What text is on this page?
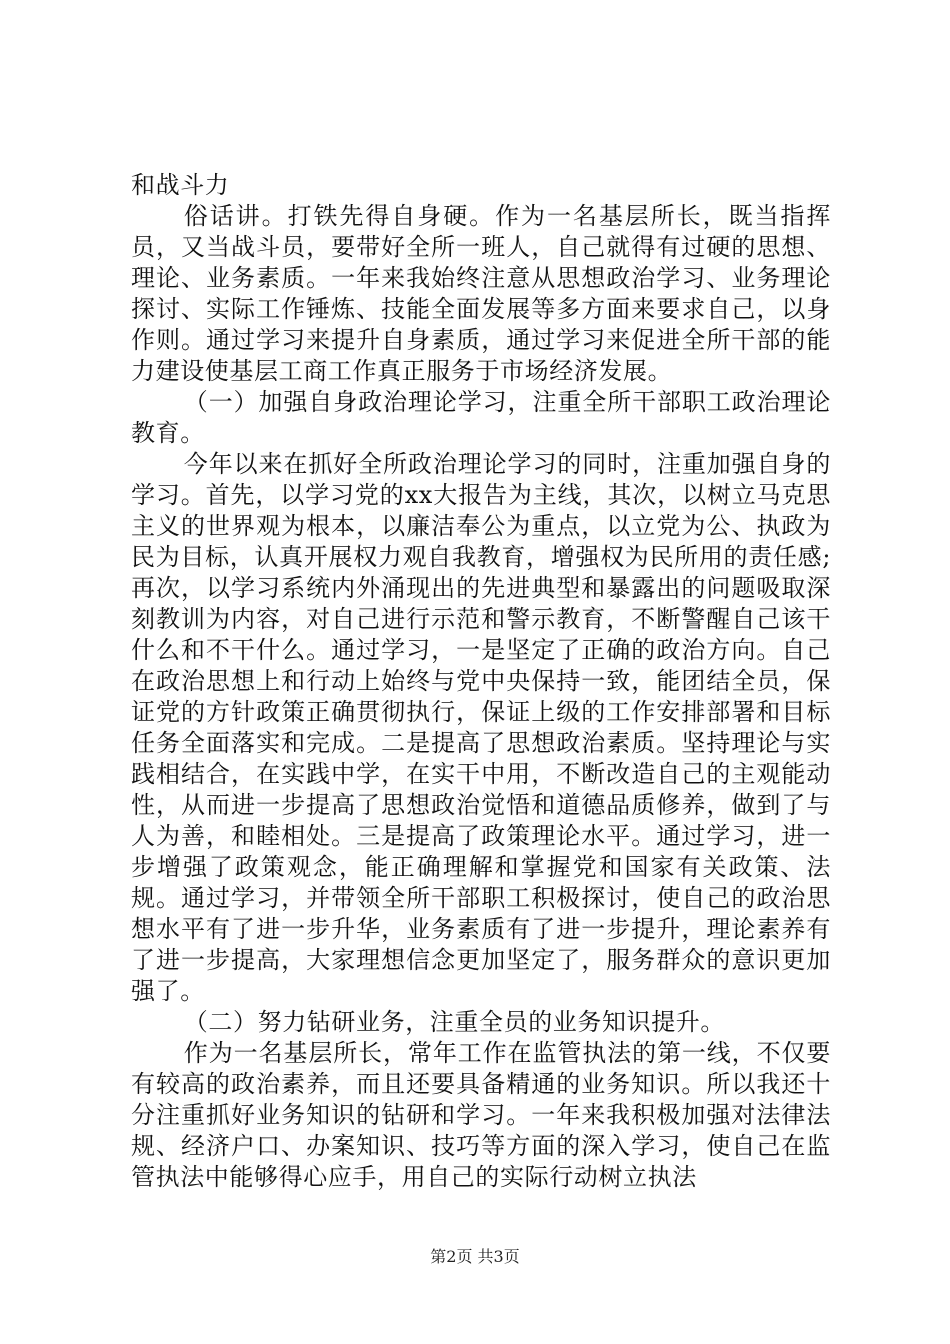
和战斗力

俗话讲。打铁先得自身硬。作为一名基层所长，既当指挥员，又当战斗员，要带好全所一班人，自己就得有过硬的思想、理论、业务素质。一年来我始终注意从思想政治学习、业务理论探讨、实际工作锤炼、技能全面发展等多方面来要求自己，以身作则。通过学习来提升自身素质，通过学习来促进全所干部的能力建设使基层工商工作真正服务于市场经济发展。

（一）加强自身政治理论学习，注重全所干部职工政治理论教育。

今年以来在抓好全所政治理论学习的同时，注重加强自身的学习。首先，以学习党的xx大报告为主线，其次，以树立马克思主义的世界观为根本，以廉洁奉公为重点，以立党为公、执政为民为目标，认真开展权力观自我教育，增强权为民所用的责任感;再次，以学习系统内外涌现出的先进典型和暴露出的问题吸取深刻教训为内容，对自己进行示范和警示教育，不断警醒自己该干什么和不干什么。通过学习，一是坚定了正确的政治方向。自己在政治思想上和行动上始终与党中央保持一致，能团结全员，保证党的方针政策正确贯彻执行，保证上级的工作安排部署和目标任务全面落实和完成。二是提高了思想政治素质。坚持理论与实践相结合，在实践中学，在实干中用，不断改造自己的主观能动性，从而进一步提高了思想政治觉悟和道德品质修养，做到了与人为善，和睦相处。三是提高了政策理论水平。通过学习，进一步增强了政策观念，能正确理解和掌握党和国家有关政策、法规。通过学习，并带领全所干部职工积极探讨，使自己的政治思想水平有了进一步升华，业务素质有了进一步提升，理论素养有了进一步提高，大家理想信念更加坚定了，服务群众的意识更加强了。

（二）努力钻研业务，注重全员的业务知识提升。

作为一名基层所长，常年工作在监管执法的第一线，不仅要有较高的政治素养，而且还要具备精通的业务知识。所以我还十分注重抓好业务知识的钻研和学习。一年来我积极加强对法律法规、经济户口、办案知识、技巧等方面的深入学习，使自己在监管执法中能够得心应手，用自己的实际行动树立执法

第2页 共3页
